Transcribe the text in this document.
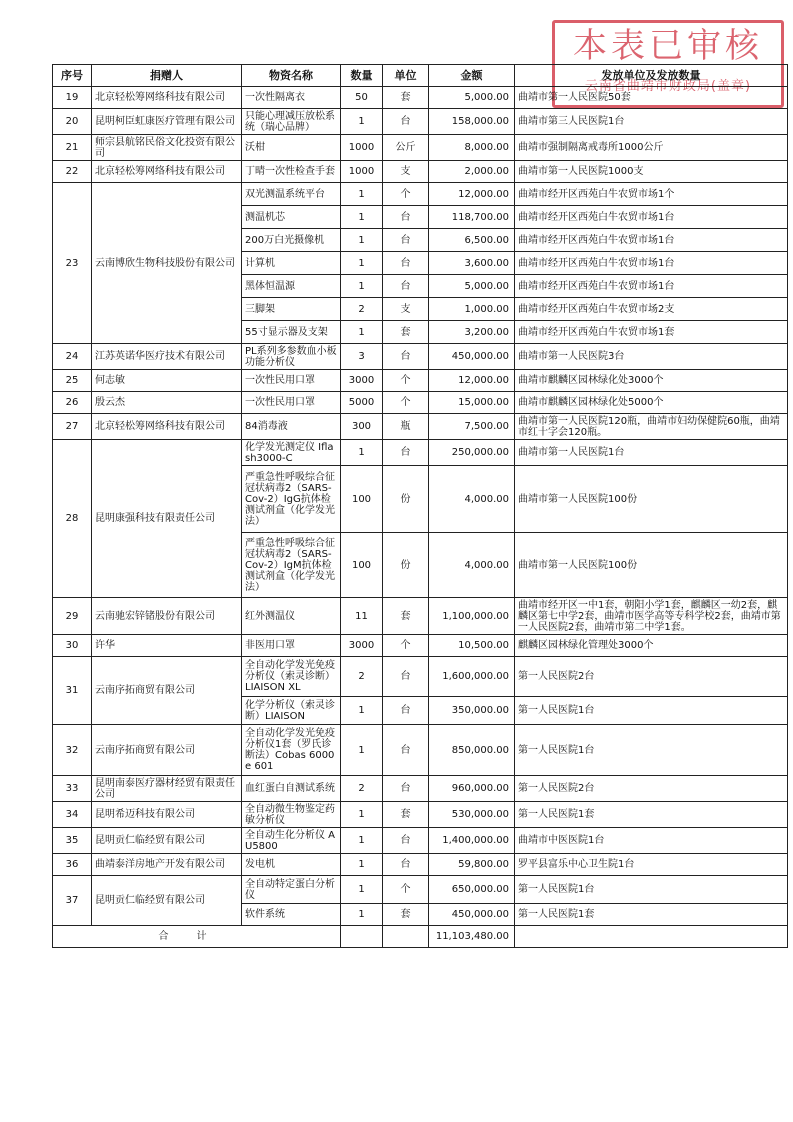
本表已审核
云南省曲靖市财政局(盖章)
序号	捐赠人	物资名称	数量	单位	金额	发放单位及发放数量
19	北京轻松筹网络科技有限公司	一次性隔离衣	50	套	5,000.00	曲靖市第一人民医院50套
20	昆明柯臣虹康医疗管理有限公司	只能心理减压放松系统（瑞心品牌）	1	台	158,000.00	曲靖市第三人民医院1台
21	师宗县航铭民俗文化投资有限公司	沃柑	1000	公斤	8,000.00	曲靖市强制隔离戒毒所1000公斤
22	北京轻松筹网络科技有限公司	丁晴一次性检查手套	1000	支	2,000.00	曲靖市第一人民医院1000支
23	云南博欣生物科技股份有限公司	双光测温系统平台	1	个	12,000.00	曲靖市经开区西苑白牛农贸市场1个
		测温机芯	1	台	118,700.00	曲靖市经开区西苑白牛农贸市场1台
		200万白光摄像机	1	台	6,500.00	曲靖市经开区西苑白牛农贸市场1台
		计算机	1	台	3,600.00	曲靖市经开区西苑白牛农贸市场1台
		黑体恒温源	1	台	5,000.00	曲靖市经开区西苑白牛农贸市场1台
		三脚架	2	支	1,000.00	曲靖市经开区西苑白牛农贸市场2支
		55寸显示器及支架	1	套	3,200.00	曲靖市经开区西苑白牛农贸市场1套
24	江苏英诺华医疗技术有限公司	PL系列多参数血小板功能分析仪	3	台	450,000.00	曲靖市第一人民医院3台
25	何志敏	一次性民用口罩	3000	个	12,000.00	曲靖市麒麟区园林绿化处3000个
26	殷云杰	一次性民用口罩	5000	个	15,000.00	曲靖市麒麟区园林绿化处5000个
27	北京轻松筹网络科技有限公司	84消毒液	300	瓶	7,500.00	曲靖市第一人民医院120瓶，曲靖市妇幼保健院60瓶，曲靖市红十字会120瓶。
28	昆明康强科技有限责任公司	化学发光测定仪 Iflash3000-C	1	台	250,000.00	曲靖市第一人民医院1台
		严重急性呼吸综合征冠状病毒2（SARS-Cov-2）IgG抗体检测试剂盒（化学发光法）	100	份	4,000.00	曲靖市第一人民医院100份
		严重急性呼吸综合征冠状病毒2（SARS-Cov-2）IgM抗体检测试剂盒（化学发光法）	100	份	4,000.00	曲靖市第一人民医院100份
29	云南驰宏锌锗股份有限公司	红外测温仪	11	套	1,100,000.00	曲靖市经开区一中1套，朝阳小学1套，麒麟区一幼2套，麒麟区第七中学2套，曲靖市医学高等专科学校2套，曲靖市第一人民医院2套，曲靖市第二中学1套。
30	许华	非医用口罩	3000	个	10,500.00	麒麟区园林绿化管理处3000个
31	云南序拓商贸有限公司	全自动化学发光免疫分析仪（索灵诊断）LIAISON XL	2	台	1,600,000.00	第一人民医院2台
		化学分析仪（索灵诊断）LIAISON	1	台	350,000.00	第一人民医院1台
32	云南序拓商贸有限公司	全自动化学发光免疫分析仪1套（罗氏诊断法）Cobas 6000 e 601	1	台	850,000.00	第一人民医院1台
33	昆明南泰医疗器材经贸有限责任公司	血红蛋白自测试系统	2	台	960,000.00	第一人民医院2台
34	昆明希迈科技有限公司	全自动微生物鉴定药敏分析仪	1	套	530,000.00	第一人民医院1套
35	昆明贡仁临经贸有限公司	全自动生化分析仪 AU5800	1	台	1,400,000.00	曲靖市中医医院1台
36	曲靖泰洋房地产开发有限公司	发电机	1	台	59,800.00	罗平县富乐中心卫生院1台
37	昆明贡仁临经贸有限公司	全自动特定蛋白分析仪	1	个	650,000.00	第一人民医院1台
		软件系统	1	套	450,000.00	第一人民医院1套
合计					11,103,480.00	
